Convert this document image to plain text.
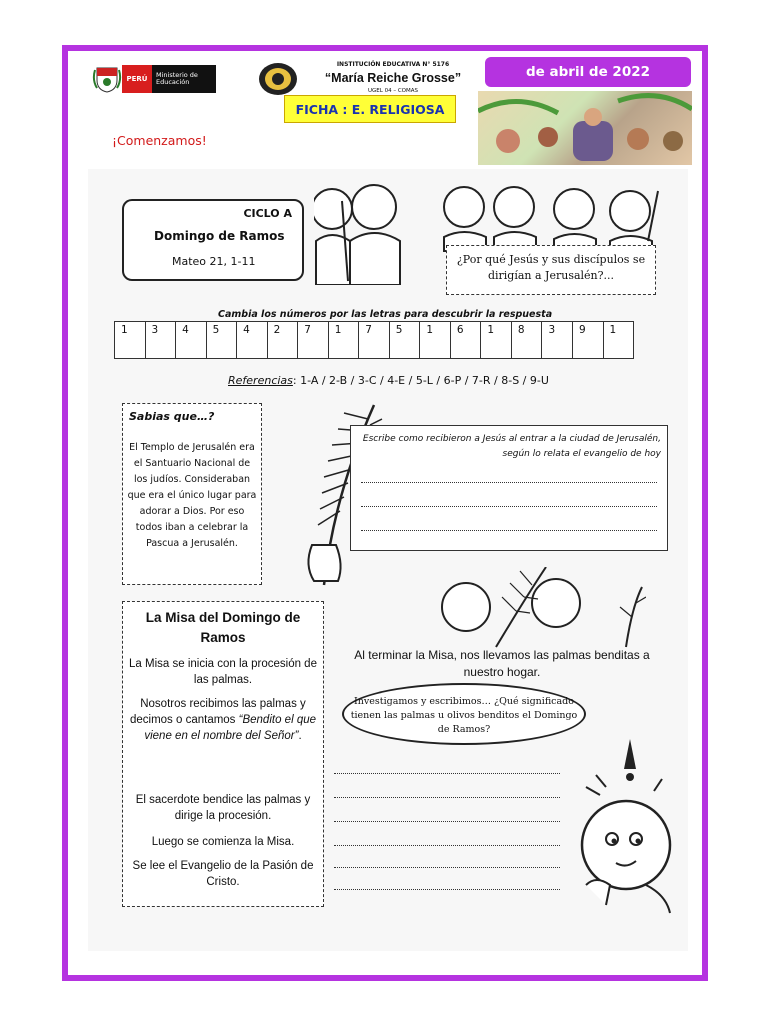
PERÚ	Ministerio de Educación
INSTITUCIÓN EDUCATIVA N° 5176
“María Reiche Grosse”
UGEL 04 – COMAS
de abril de 2022
FICHA : E. RELIGIOSA
¡Comenzamos!
CICLO A
Domingo de Ramos
Mateo 21, 1-11	¿Por qué Jesús y sus discípulos se dirigían a Jerusalén?...
Cambia los números por las letras para descubrir la respuesta
1 3 4 5 4 2 7 1 7 5 1 6 1 8 3 9 1
Referencias: 1-A / 2-B / 3-C / 4-E / 5-L / 6-P / 7-R / 8-S / 9-U
Sabias que…?
El Templo de Jerusalén era el Santuario Nacional de los judíos. Consideraban que era el único lugar para adorar a Dios. Por eso todos iban a celebrar la Pascua a Jerusalén.
Escribe como recibieron a Jesús al entrar a la ciudad de Jerusalén, según lo relata el evangelio de hoy
La Misa del Domingo de Ramos

La Misa se inicia con la procesión de las palmas.

Nosotros recibimos las palmas y decimos o cantamos “Bendito el que viene en el nombre del Señor”.

El sacerdote bendice las palmas y dirige la procesión.

Luego se comienza la Misa.

Se lee el Evangelio de la Pasión de Cristo.

Al terminar la Misa, nos llevamos las palmas benditas a nuestro hogar.
Investigamos y escribimos… ¿Qué significado tienen las palmas u olivos benditos el Domingo de Ramos?
